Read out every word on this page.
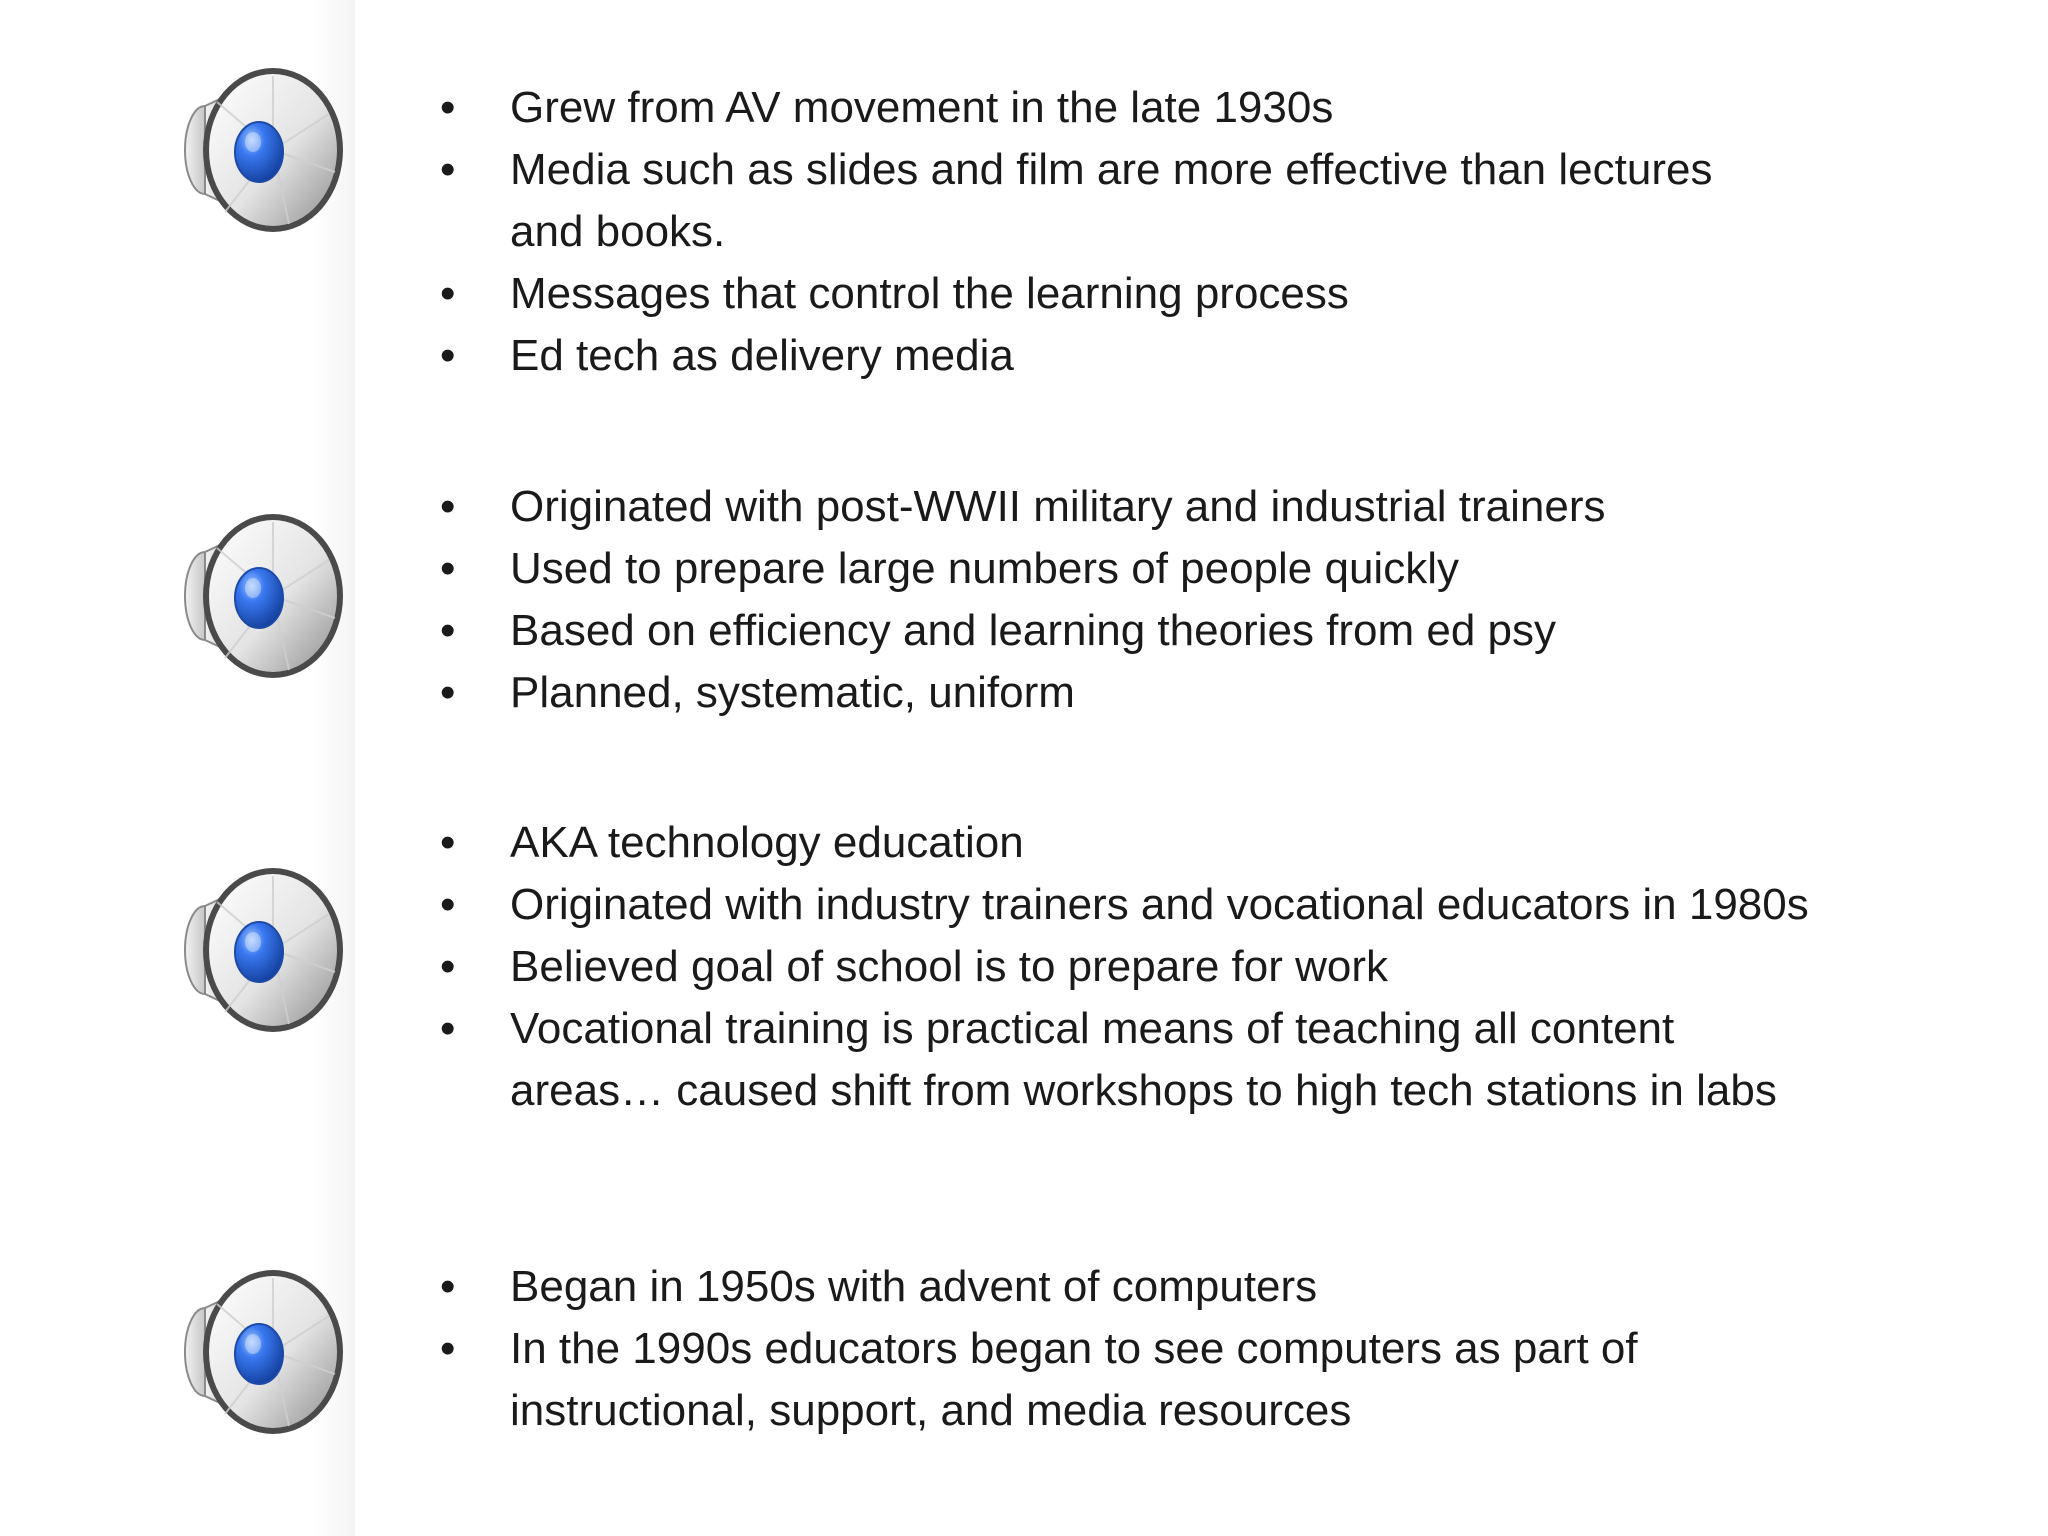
• Grew from AV movement in the late 1930s
• Media such as slides and film are more effective than lectures
and books.
• Messages that control the learning process
• Ed tech as delivery media
• Originated with post-WWII military and industrial trainers
• Used to prepare large numbers of people quickly
• Based on efficiency and learning theories from ed psy
• Planned, systematic, uniform
• AKA technology education
• Originated with industry trainers and vocational educators in 1980s
• Believed goal of school is to prepare for work
• Vocational training is practical means of teaching all content
areas… caused shift from workshops to high tech stations in labs
• Began in 1950s with advent of computers
• In the 1990s educators began to see computers as part of
instructional, support, and media resources
